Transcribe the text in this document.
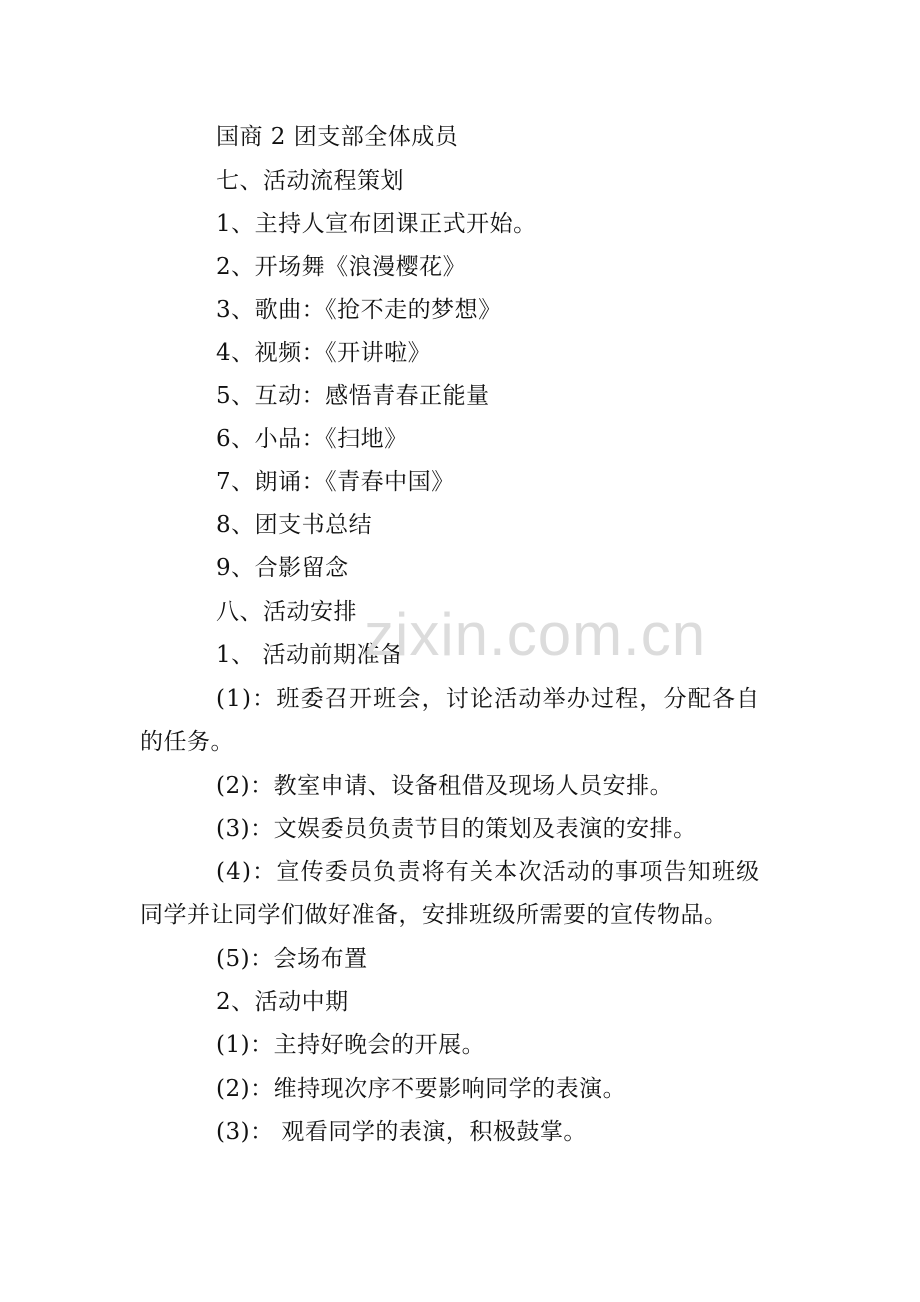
国商 2 团支部全体成员
七、活动流程策划
1、主持人宣布团课正式开始。
2、开场舞《浪漫樱花》
3、歌曲：《抢不走的梦想》
4、视频：《开讲啦》
5、互动：感悟青春正能量
6、小品：《扫地》
7、朗诵：《青春中国》
8、团支书总结
9、合影留念
八、活动安排
1、 活动前期准备
(1)：班委召开班会，讨论活动举办过程，分配各自
的任务。
(2)：教室申请、设备租借及现场人员安排。
(3)：文娱委员负责节目的策划及表演的安排。
(4)：宣传委员负责将有关本次活动的事项告知班级
同学并让同学们做好准备，安排班级所需要的宣传物品。
(5)：会场布置
2、活动中期
(1)：主持好晚会的开展。
(2)：维持现次序不要影响同学的表演。
(3)： 观看同学的表演，积极鼓掌。
zixin.com.cn
